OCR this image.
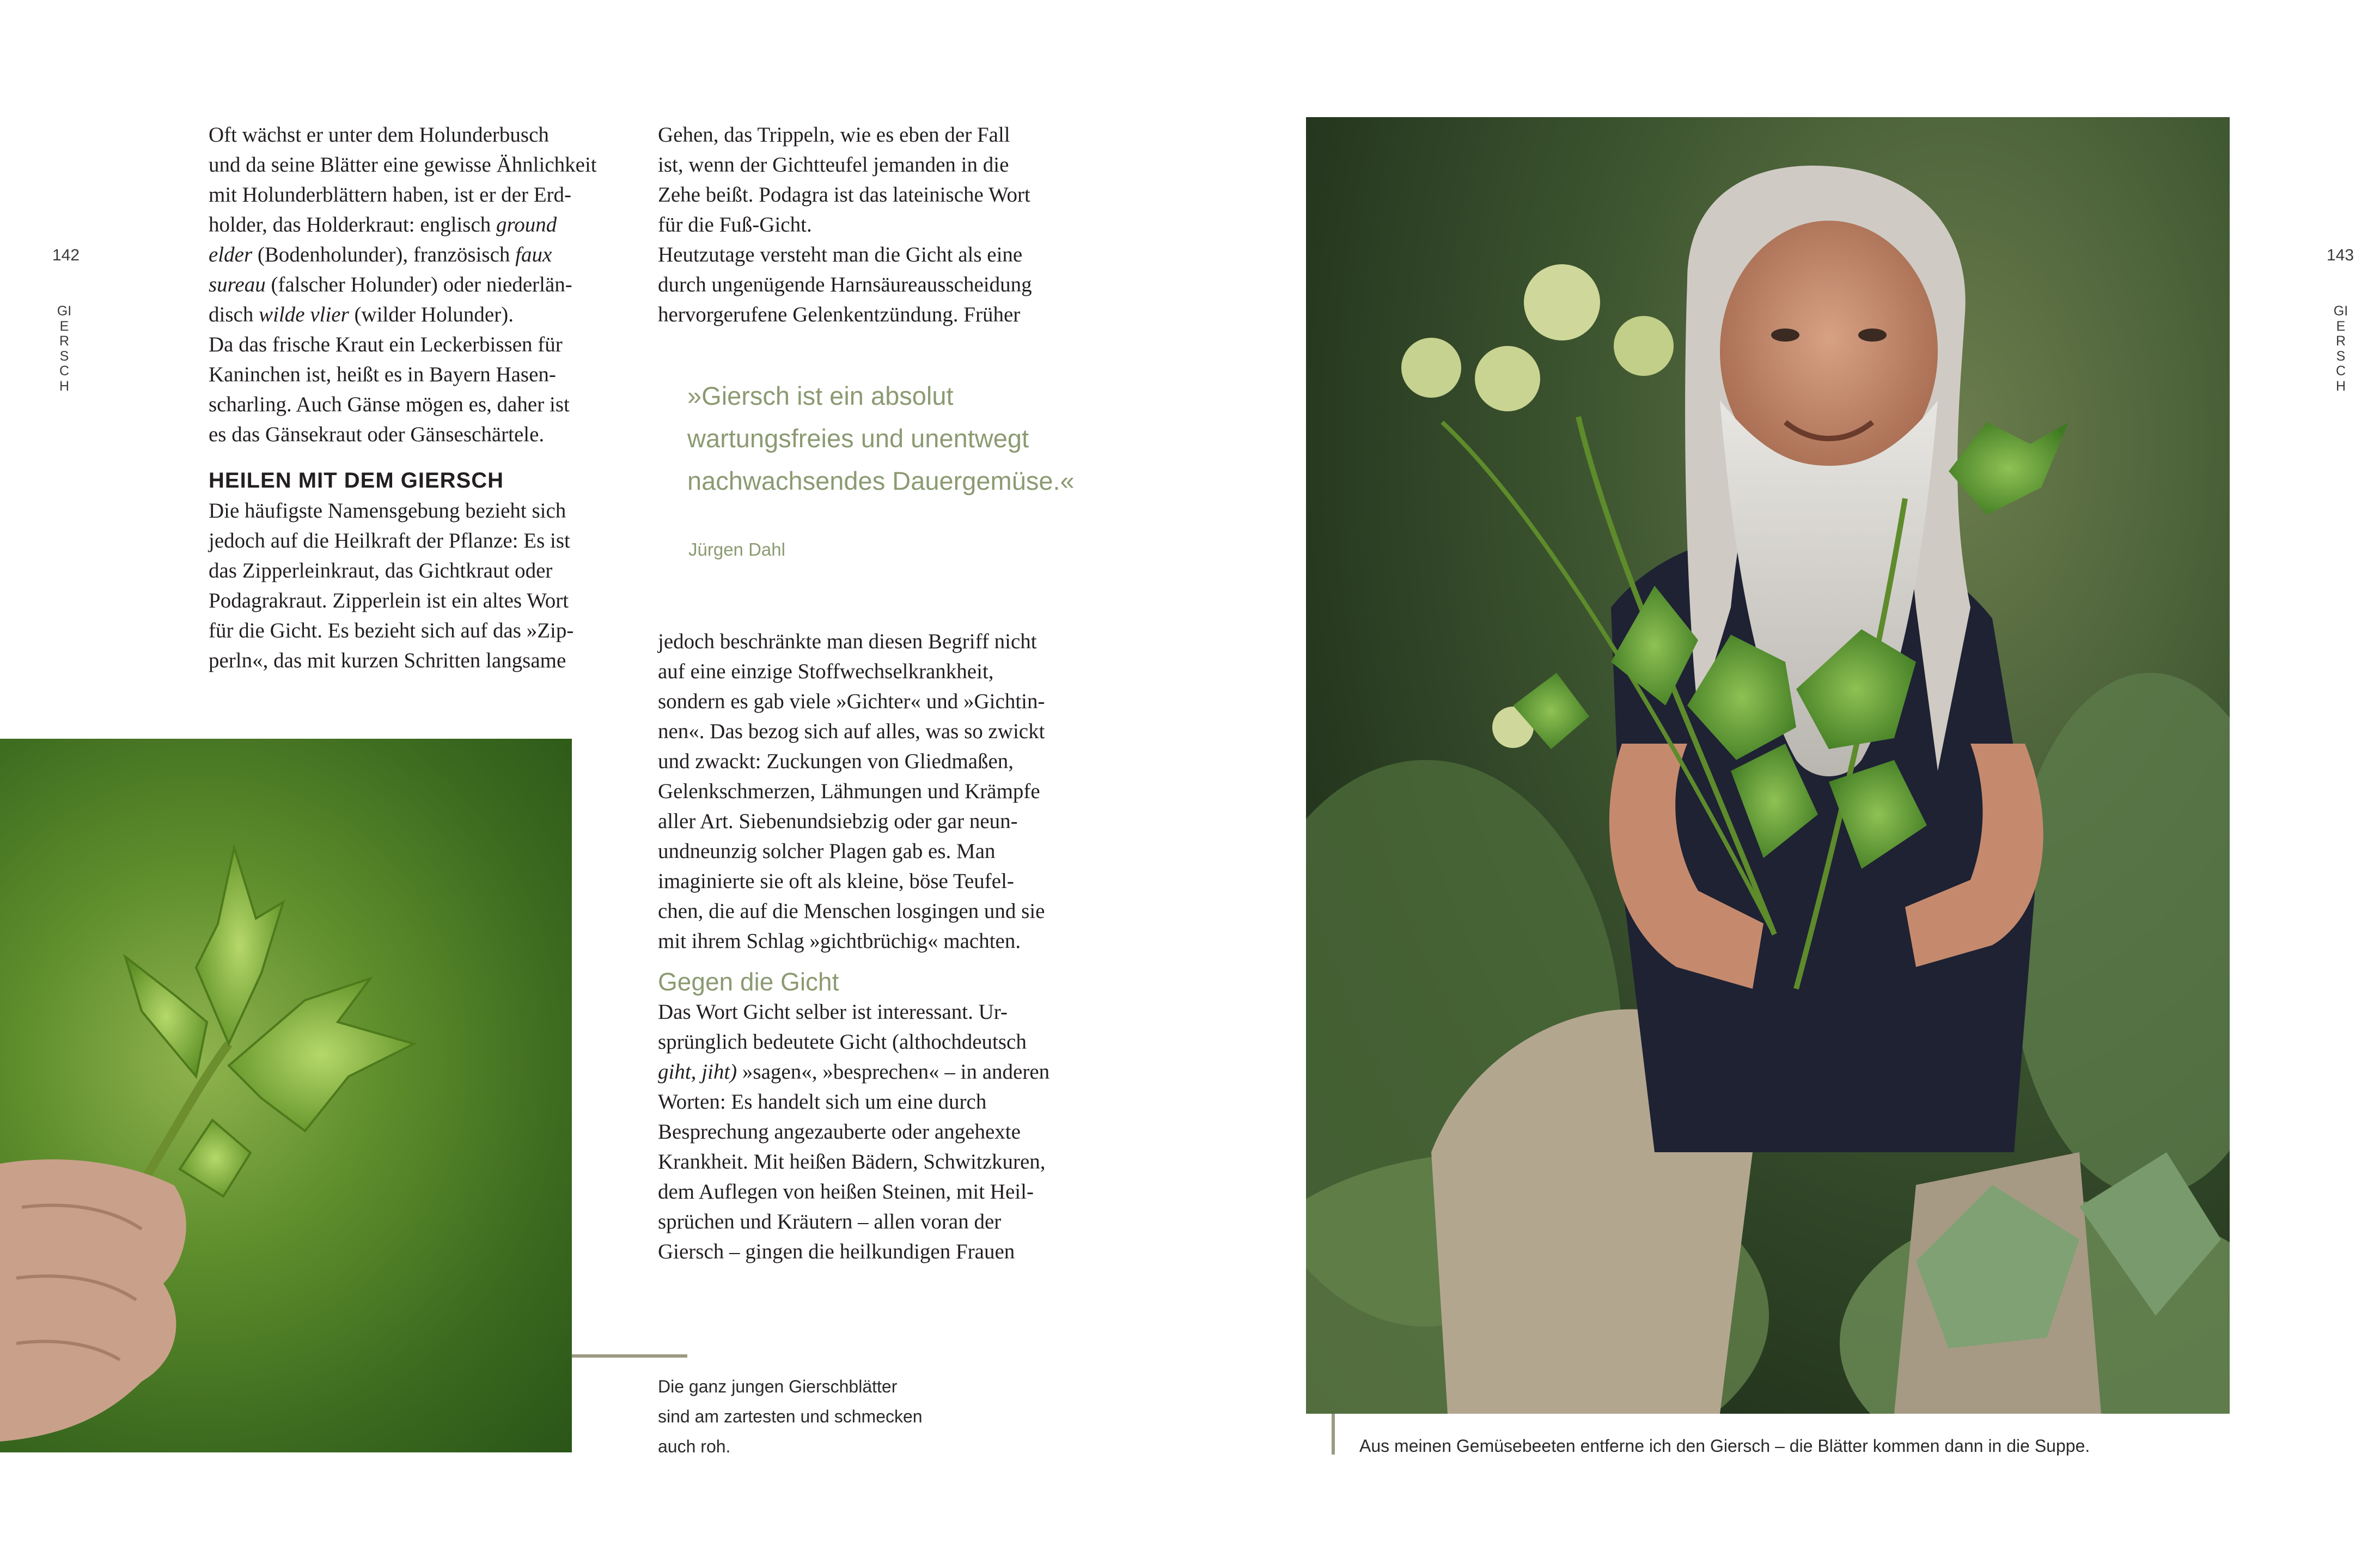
142
GIERSCH
143
GIERSCH

Oft wächst er unter dem Holunderbusch
und da seine Blätter eine gewisse Ähnlichkeit
mit Holunderblättern haben, ist er der Erd-
holder, das Holderkraut: englisch ground
elder (Bodenholunder), französisch faux
sureau (falscher Holunder) oder niederlän-
disch wilde vlier (wilder Holunder).
Da das frische Kraut ein Leckerbissen für
Kaninchen ist, heißt es in Bayern Hasen-
scharling. Auch Gänse mögen es, daher ist
es das Gänsekraut oder Gänseschärtele.

HEILEN MIT DEM GIERSCH

Die häufigste Namensgebung bezieht sich
jedoch auf die Heilkraft der Pflanze: Es ist
das Zipperleinkraut, das Gichtkraut oder
Podagrakraut. Zipperlein ist ein altes Wort
für die Gicht. Es bezieht sich auf das »Zip-
perln«, das mit kurzen Schritten langsame

Gehen, das Trippeln, wie es eben der Fall
ist, wenn der Gichtteufel jemanden in die
Zehe beißt. Podagra ist das lateinische Wort
für die Fuß-Gicht.
Heutzutage versteht man die Gicht als eine
durch ungenügende Harnsäureausscheidung
hervorgerufene Gelenkentzündung. Früher

»Giersch ist ein absolut
wartungsfreies und unentwegt
nachwachsendes Dauergemüse.«
Jürgen Dahl

jedoch beschränkte man diesen Begriff nicht
auf eine einzige Stoffwechselkrankheit,
sondern es gab viele »Gichter« und »Gichtin-
nen«. Das bezog sich auf alles, was so zwickt
und zwackt: Zuckungen von Gliedmaßen,
Gelenkschmerzen, Lähmungen und Krämpfe
aller Art. Siebenundsiebzig oder gar neun-
undneunzig solcher Plagen gab es. Man
imaginierte sie oft als kleine, böse Teufel-
chen, die auf die Menschen losgingen und sie
mit ihrem Schlag »gichtbrüchig« machten.

Gegen die Gicht

Das Wort Gicht selber ist interessant. Ur-
sprünglich bedeutete Gicht (althochdeutsch
giht, jiht) »sagen«, »besprechen« – in anderen
Worten: Es handelt sich um eine durch
Besprechung angezauberte oder angehexte
Krankheit. Mit heißen Bädern, Schwitzkuren,
dem Auflegen von heißen Steinen, mit Heil-
sprüchen und Kräutern – allen voran der
Giersch – gingen die heilkundigen Frauen

Die ganz jungen Gierschblätter
sind am zartesten und schmecken
auch roh.	Aus meinen Gemüsebeeten entferne ich den Giersch – die Blätter kommen dann in die Suppe.
